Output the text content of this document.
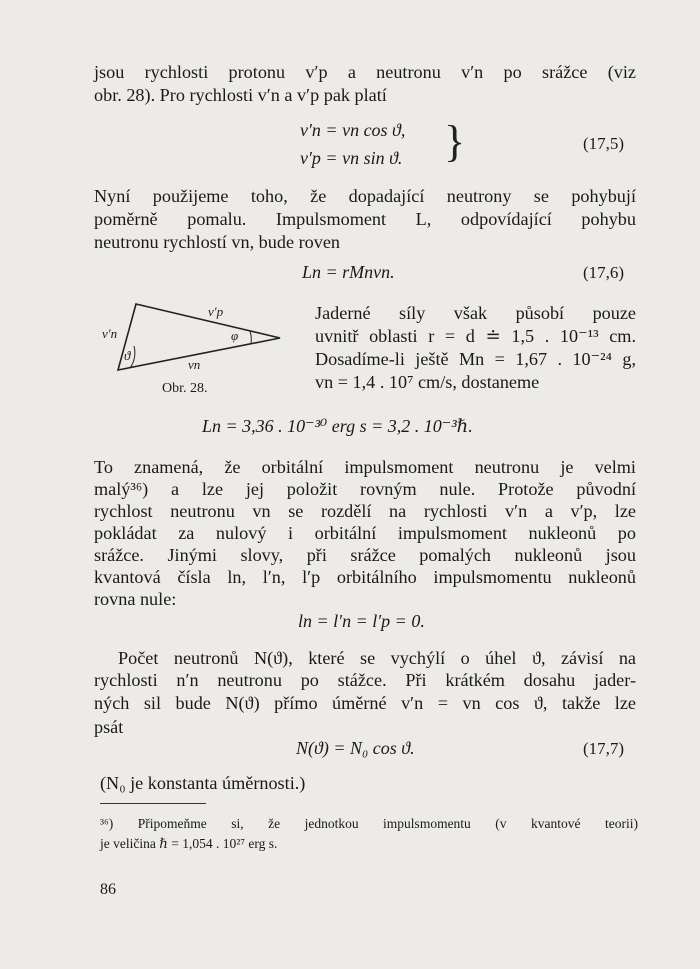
jsou rychlosti protonu v′p a neutronu v′n po srážce (viz
obr. 28). Pro rychlosti v′n a v′p pak platí
v′n = vn cos ϑ,
v′p = vn sin ϑ. }	(17,5)
Nyní použijeme toho, že dopadající neutrony se pohybují
poměrně pomalu. Impulsmoment L, odpovídající pohybu
neutronu rychlostí vn, bude roven
Ln = rMnvn.	(17,6)
v′p
v′n
ϑ
φ
vn
Obr. 28.
Jaderné síly však působí pouze
uvnitř oblasti r = d ≐ 1,5 . 10⁻¹³ cm.
Dosadíme-li ještě Mn = 1,67 . 10⁻²⁴ g,
vn = 1,4 . 10⁷ cm/s, dostaneme
Ln = 3,36 . 10⁻³⁰ erg s = 3,2 . 10⁻³ℏ.
To znamená, že orbitální impulsmoment neutronu je velmi
malý³⁶) a lze jej položit rovným nule. Protože původní
rychlost neutronu vn se rozdělí na rychlosti v′n a v′p, lze
pokládat za nulový i orbitální impulsmoment nukleonů po
srážce. Jinými slovy, při srážce pomalých nukleonů jsou
kvantová čísla ln, l′n, l′p orbitálního impulsmomentu nukleonů
rovna nule:
ln = l′n = l′p = 0.
Počet neutronů N(ϑ), které se vychýlí o úhel ϑ, závisí na
rychlosti n′n neutronu po stážce. Při krátkém dosahu jader-
ných sil bude N(ϑ) přímo úměrné v′n = vn cos ϑ, takže lze
psát
N(ϑ) = N₀ cos ϑ.	(17,7)
(N₀ je konstanta úměrnosti.)
³⁶) Připomeňme si, že jednotkou impulsmomentu (v kvantové teorii)
je veličina ℏ = 1,054 . 10²⁷ erg s.
86
